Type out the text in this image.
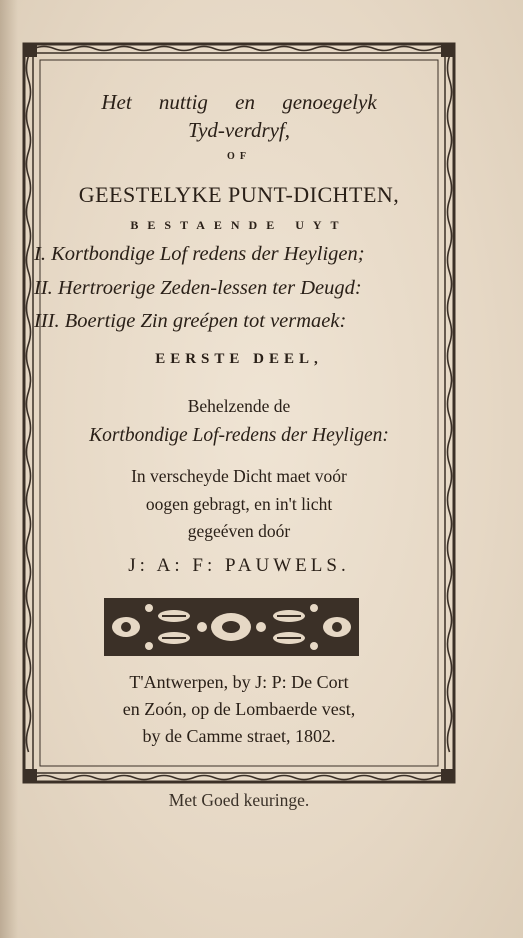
Het nuttig en genoegelyk
Tyd-verdryf,
OF
GEESTELYKE PUNT-DICHTEN,
BESTAENDE UYT
I. Kortbondige Lof redens der Heyligen;
II. Hertroerige Zeden-lessen ter Deugd:
III. Boertige Zin greépen tot vermaek:
EERSTE DEEL,
Behelzende de
Kortbondige Lof-redens der Heyligen:
In verscheyde Dicht maet voór
oogen gebragt, en in't licht
gegeéven doór
J: A: F: PAUWELS.
T'Antwerpen, by J: P: De Cort
en Zoón, op de Lombaerde vest,
by de Camme straet, 1802.
Met Goed keuringe.
